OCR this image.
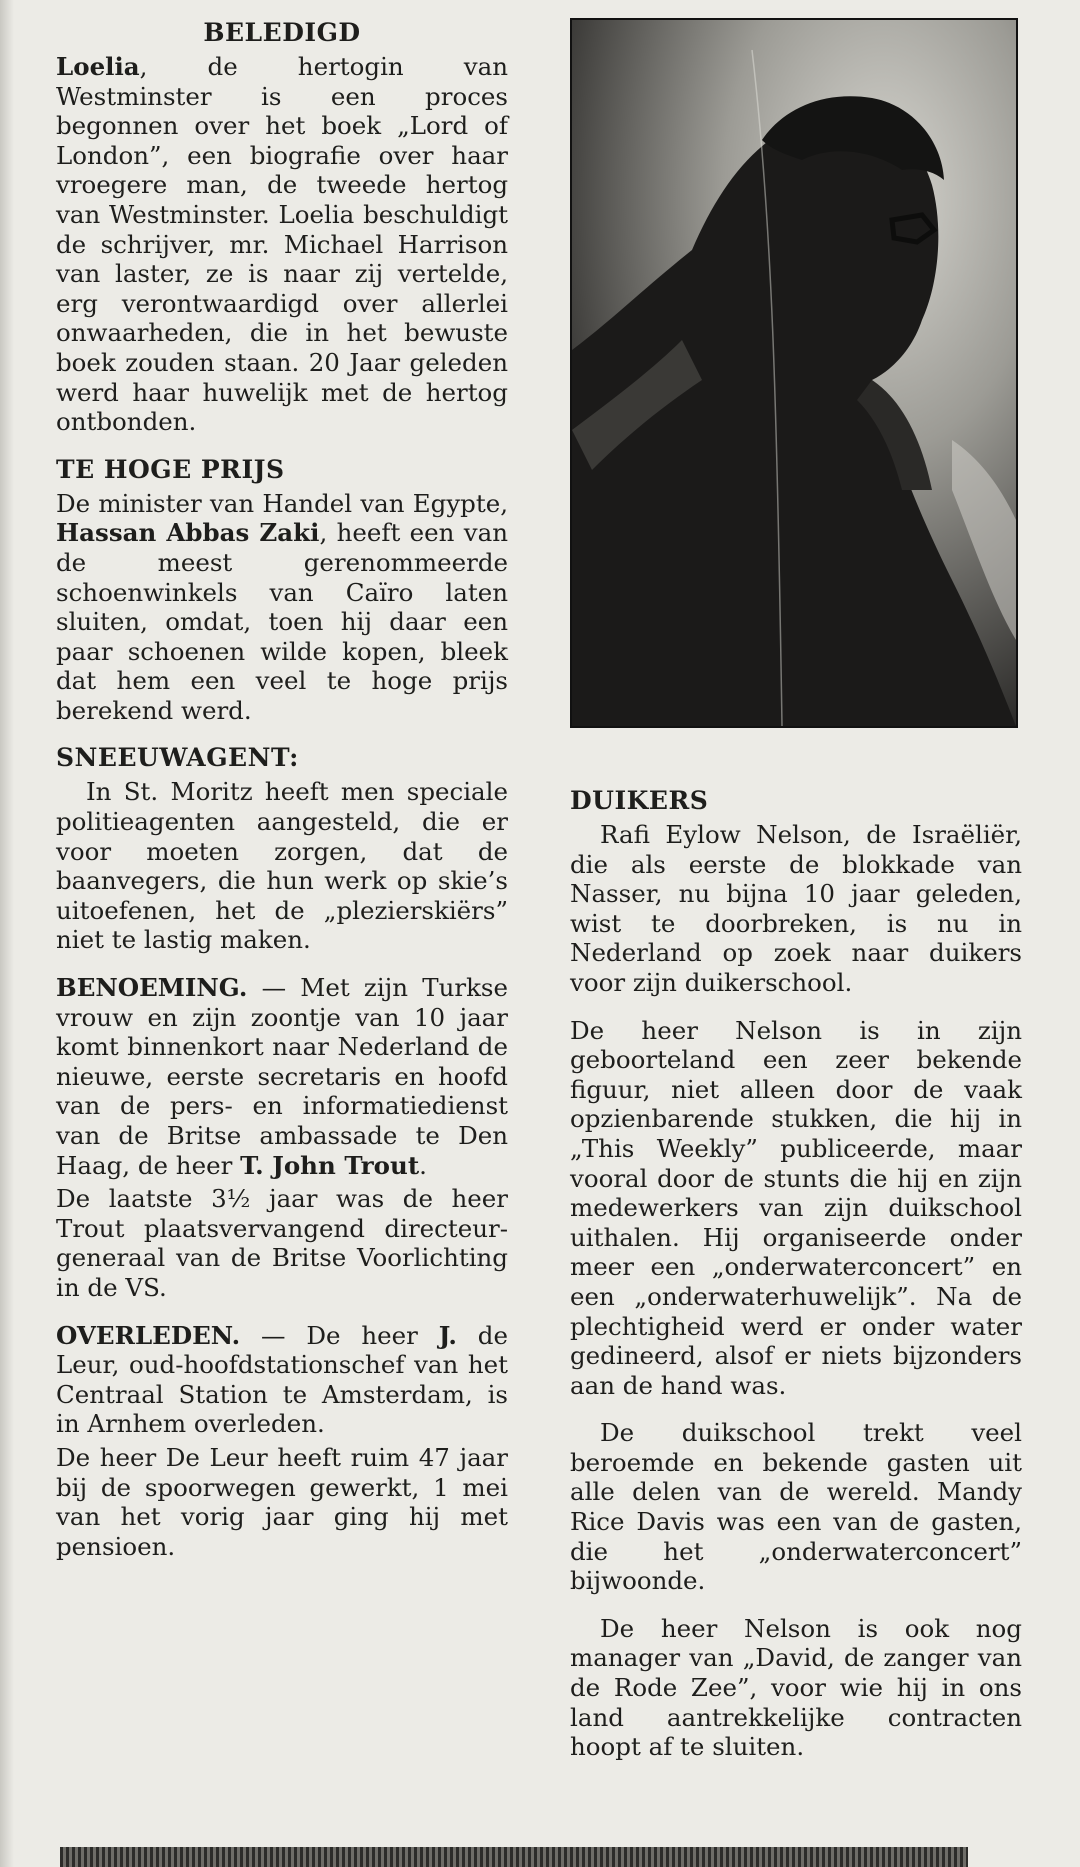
BELEDIGD

Loelia, de hertogin van Westminster is een proces begonnen over het boek „Lord of London”, een biografie over haar vroegere man, de tweede hertog van Westminster. Loelia beschuldigt de schrijver, mr. Michael Harrison van laster, ze is naar zij vertelde, erg verontwaardigd over allerlei onwaarheden, die in het bewuste boek zouden staan. 20 Jaar geleden werd haar huwelijk met de hertog ontbonden.

TE HOGE PRIJS

De minister van Handel van Egypte, Hassan Abbas Zaki, heeft een van de meest gerenommeerde schoenwinkels van Caïro laten sluiten, omdat, toen hij daar een paar schoenen wilde kopen, bleek dat hem een veel te hoge prijs berekend werd.

SNEEUWAGENT:

In St. Moritz heeft men speciale politieagenten aangesteld, die er voor moeten zorgen, dat de baanvegers, die hun werk op skie’s uitoefenen, het de „plezierskiërs” niet te lastig maken.

BENOEMING. — Met zijn Turkse vrouw en zijn zoontje van 10 jaar komt binnenkort naar Nederland de nieuwe, eerste secretaris en hoofd van de pers- en informatiedienst van de Britse ambassade te Den Haag, de heer T. John Trout.

De laatste 3½ jaar was de heer Trout plaatsvervangend directeur-generaal van de Britse Voorlichting in de VS.

OVERLEDEN. — De heer J. de Leur, oud-hoofdstationschef van het Centraal Station te Amsterdam, is in Arnhem overleden.

De heer De Leur heeft ruim 47 jaar bij de spoorwegen gewerkt, 1 mei van het vorig jaar ging hij met pensioen.

DUIKERS

Rafi Eylow Nelson, de Israëliër, die als eerste de blokkade van Nasser, nu bijna 10 jaar geleden, wist te doorbreken, is nu in Nederland op zoek naar duikers voor zijn duikerschool.

De heer Nelson is in zijn geboorteland een zeer bekende figuur, niet alleen door de vaak opzienbarende stukken, die hij in „This Weekly” publiceerde, maar vooral door de stunts die hij en zijn medewerkers van zijn duikschool uithalen. Hij organiseerde onder meer een „onderwaterconcert” en een „onderwaterhuwelijk”. Na de plechtigheid werd er onder water gedineerd, alsof er niets bijzonders aan de hand was.

De duikschool trekt veel beroemde en bekende gasten uit alle delen van de wereld. Mandy Rice Davis was een van de gasten, die het „onderwaterconcert” bijwoonde.

De heer Nelson is ook nog manager van „David, de zanger van de Rode Zee”, voor wie hij in ons land aantrekkelijke contracten hoopt af te sluiten.
